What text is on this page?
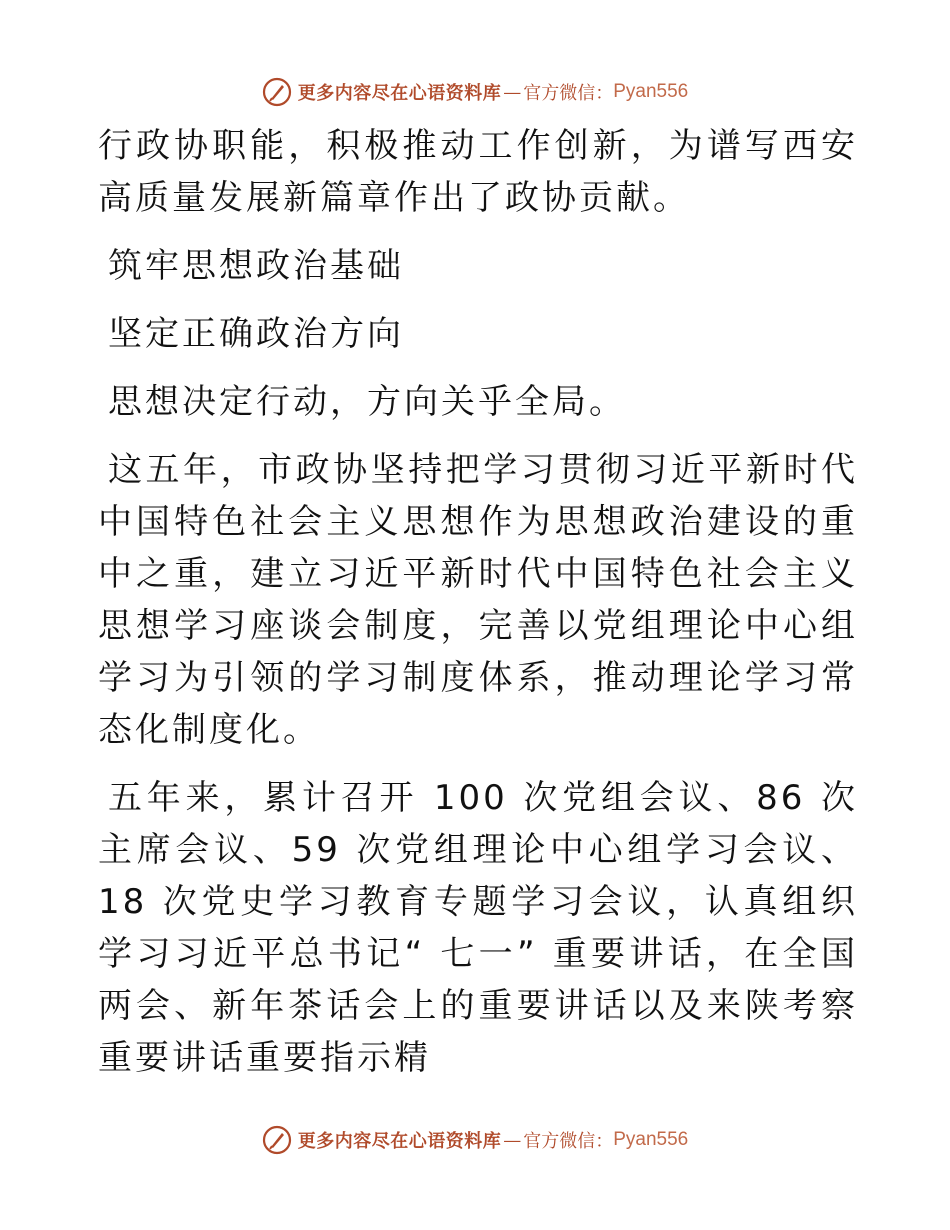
更多内容尽在心语资料库 — 官方微信： Pyan556

行政协职能，积极推动工作创新，为谱写西安高质量发展新篇章作出了政协贡献。

筑牢思想政治基础

坚定正确政治方向

思想决定行动，方向关乎全局。

这五年，市政协坚持把学习贯彻习近平新时代中国特色社会主义思想作为思想政治建设的重中之重，建立习近平新时代中国特色社会主义思想学习座谈会制度，完善以党组理论中心组学习为引领的学习制度体系，推动理论学习常态化制度化。

五年来，累计召开 100 次党组会议、86 次主席会议、59 次党组理论中心组学习会议、18 次党史学习教育专题学习会议，认真组织学习习近平总书记“ 七一” 重要讲话，在全国两会、新年茶话会上的重要讲话以及来陕考察重要讲话重要指示精

更多内容尽在心语资料库 — 官方微信： Pyan556
